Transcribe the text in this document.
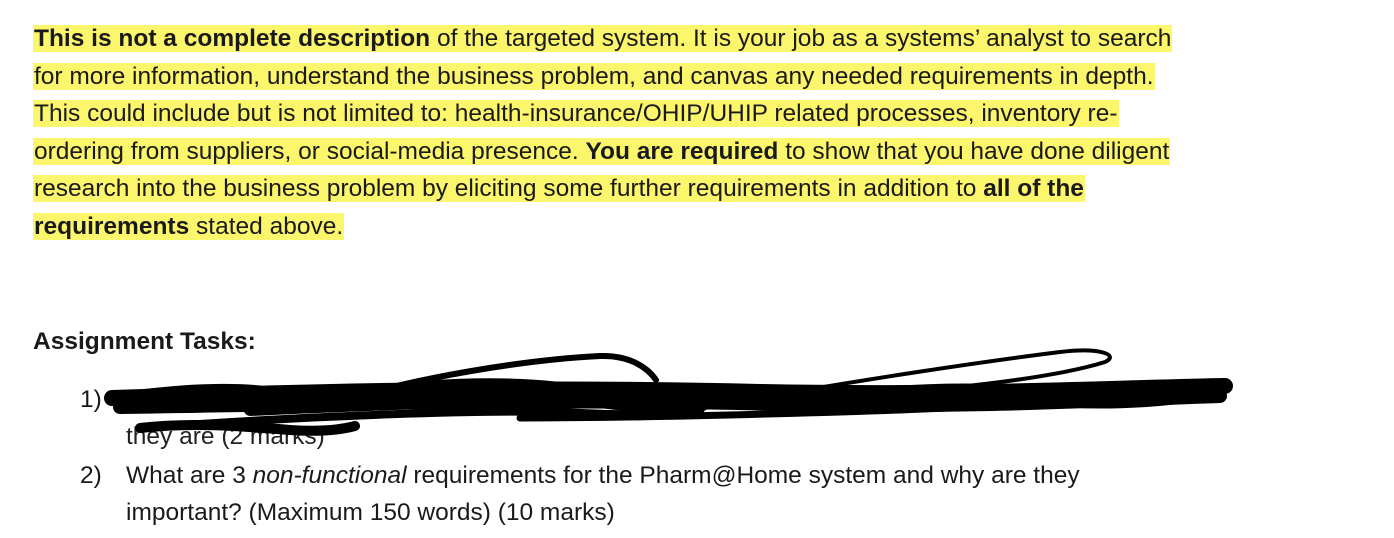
This is not a complete description of the targeted system. It is your job as a systems’ analyst to search
for more information, understand the business problem, and canvas any needed requirements in depth.
This could include but is not limited to: health-insurance/OHIP/UHIP related processes, inventory re-
ordering from suppliers, or social-media presence. You are required to show that you have done diligent
research into the business problem by eliciting some further requirements in addition to all of the
requirements stated above.
Assignment Tasks:
1) Who are the stakeholders of Pharm@Home? List all stakeholders in the order
they are (2 marks)
2) What are 3 non-functional requirements for the Pharm@Home system and why are they
important? (Maximum 150 words) (10 marks)
